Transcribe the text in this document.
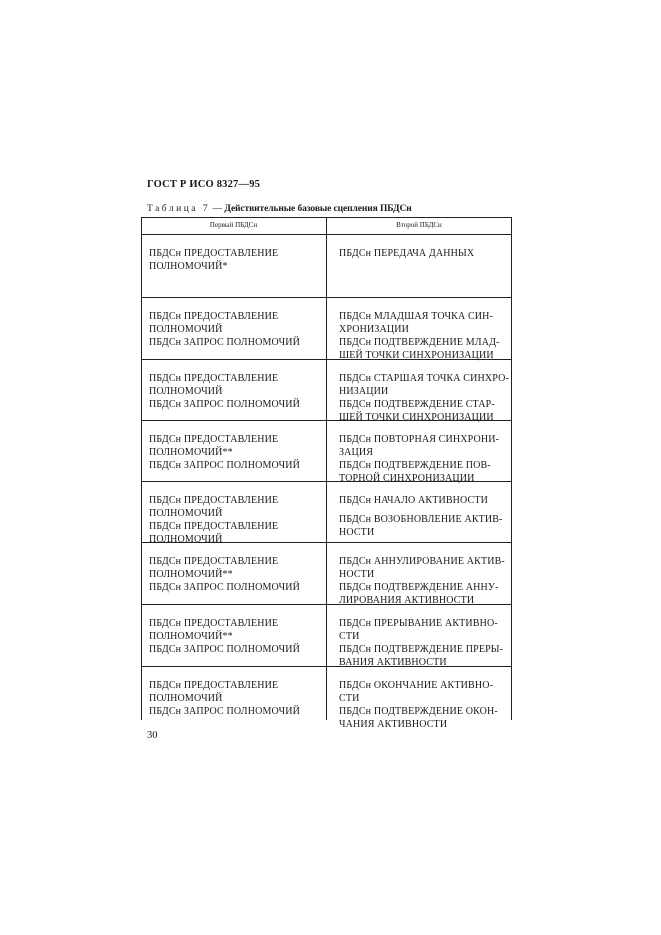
ГОСТ Р ИСО 8327—95
Таблица 7 — Действительные базовые сцепления ПБДСн
Первый ПБДСн	Второй ПБДСн
ПБДСн ПРЕДОСТАВЛЕНИЕ
ПОЛНОМОЧИЙ*
ПБДСн ПЕРЕДАЧА ДАННЫХ
ПБДСн ПРЕДОСТАВЛЕНИЕ
ПОЛНОМОЧИЙ
ПБДСн ЗАПРОС ПОЛНОМОЧИЙ
ПБДСн МЛАДШАЯ ТОЧКА СИН-
ХРОНИЗАЦИИ
ПБДСн ПОДТВЕРЖДЕНИЕ МЛАД-
ШЕЙ ТОЧКИ СИНХРОНИЗАЦИИ
ПБДСн ПРЕДОСТАВЛЕНИЕ
ПОЛНОМОЧИЙ
ПБДСн ЗАПРОС ПОЛНОМОЧИЙ
ПБДСн СТАРШАЯ ТОЧКА СИНХРО-
НИЗАЦИИ
ПБДСн ПОДТВЕРЖДЕНИЕ СТАР-
ШЕЙ ТОЧКИ СИНХРОНИЗАЦИИ
ПБДСн ПРЕДОСТАВЛЕНИЕ
ПОЛНОМОЧИЙ**
ПБДСн ЗАПРОС ПОЛНОМОЧИЙ
ПБДСн ПОВТОРНАЯ СИНХРОНИ-
ЗАЦИЯ
ПБДСн ПОДТВЕРЖДЕНИЕ ПОВ-
ТОРНОЙ СИНХРОНИЗАЦИИ
ПБДСн ПРЕДОСТАВЛЕНИЕ
ПОЛНОМОЧИЙ
ПБДСн ПРЕДОСТАВЛЕНИЕ
ПОЛНОМОЧИЙ
ПБДСн НАЧАЛО АКТИВНОСТИ
ПБДСн ВОЗОБНОВЛЕНИЕ АКТИВ-
НОСТИ
ПБДСн ПРЕДОСТАВЛЕНИЕ
ПОЛНОМОЧИЙ**
ПБДСн ЗАПРОС ПОЛНОМОЧИЙ
ПБДСн АННУЛИРОВАНИЕ АКТИВ-
НОСТИ
ПБДСн ПОДТВЕРЖДЕНИЕ АННУ-
ЛИРОВАНИЯ АКТИВНОСТИ
ПБДСн ПРЕДОСТАВЛЕНИЕ
ПОЛНОМОЧИЙ**
ПБДСн ЗАПРОС ПОЛНОМОЧИЙ
ПБДСн ПРЕРЫВАНИЕ АКТИВНО-
СТИ
ПБДСн ПОДТВЕРЖДЕНИЕ ПРЕРЫ-
ВАНИЯ АКТИВНОСТИ
ПБДСн ПРЕДОСТАВЛЕНИЕ
ПОЛНОМОЧИЙ
ПБДСн ЗАПРОС ПОЛНОМОЧИЙ
ПБДСн ОКОНЧАНИЕ АКТИВНО-
СТИ
ПБДСн ПОДТВЕРЖДЕНИЕ ОКОН-
ЧАНИЯ АКТИВНОСТИ
30
